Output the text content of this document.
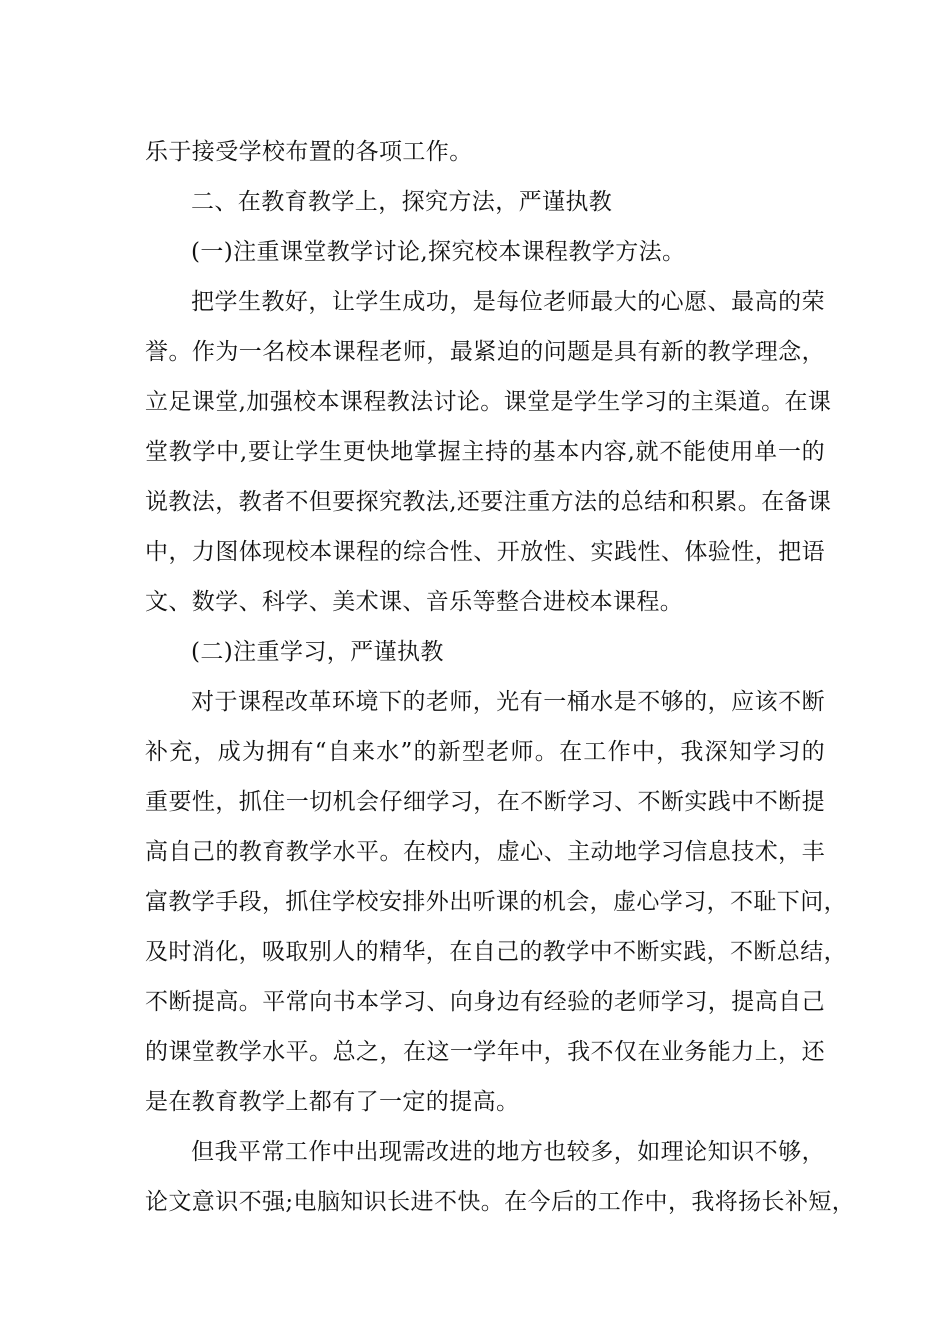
乐于接受学校布置的各项工作。
二、在教育教学上，探究方法，严谨执教
(一)注重课堂教学讨论,探究校本课程教学方法。
把学生教好，让学生成功，是每位老师最大的心愿、最高的荣
誉。作为一名校本课程老师，最紧迫的问题是具有新的教学理念，
立足课堂,加强校本课程教法讨论。课堂是学生学习的主渠道。在课
堂教学中,要让学生更快地掌握主持的基本内容,就不能使用单一的
说教法，教者不但要探究教法,还要注重方法的总结和积累。在备课
中，力图体现校本课程的综合性、开放性、实践性、体验性，把语
文、数学、科学、美术课、音乐等整合进校本课程。
(二)注重学习，严谨执教
对于课程改革环境下的老师，光有一桶水是不够的，应该不断
补充，成为拥有“自来水”的新型老师。在工作中，我深知学习的
重要性，抓住一切机会仔细学习，在不断学习、不断实践中不断提
高自己的教育教学水平。在校内，虚心、主动地学习信息技术，丰
富教学手段，抓住学校安排外出听课的机会，虚心学习，不耻下问，
及时消化，吸取别人的精华，在自己的教学中不断实践，不断总结，
不断提高。平常向书本学习、向身边有经验的老师学习，提高自己
的课堂教学水平。总之，在这一学年中，我不仅在业务能力上，还
是在教育教学上都有了一定的提高。
但我平常工作中出现需改进的地方也较多，如理论知识不够，
论文意识不强;电脑知识长进不快。在今后的工作中，我将扬长补短，
